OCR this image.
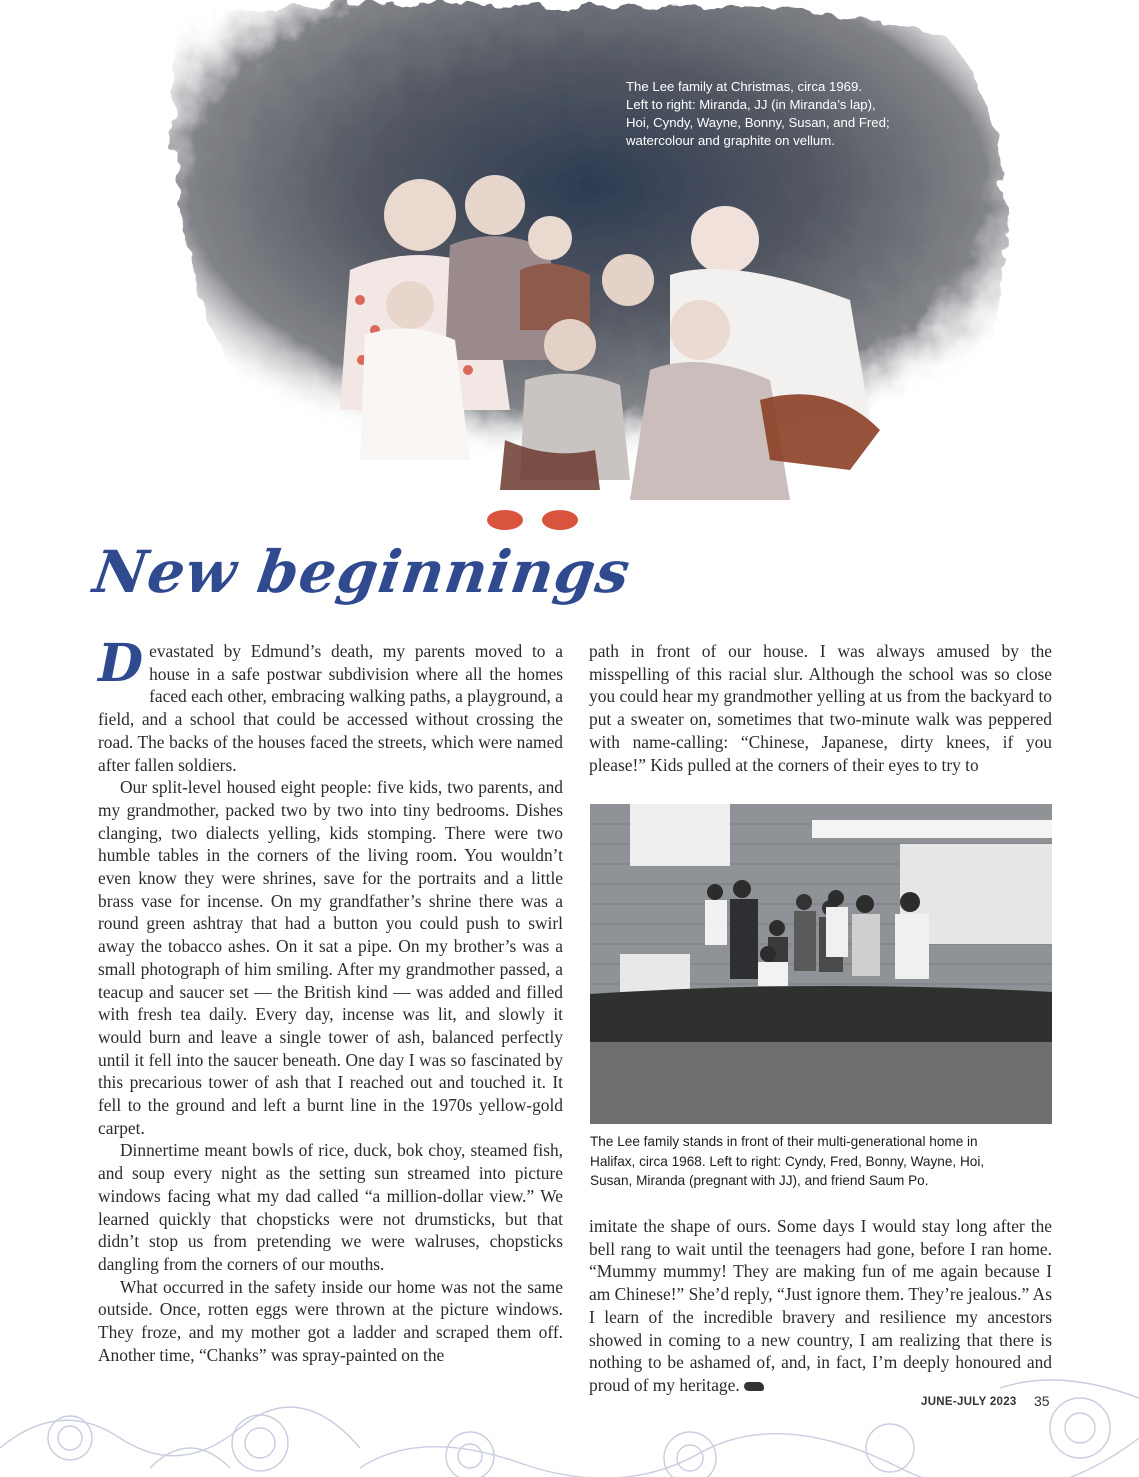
The Lee family at Christmas, circa 1969.
Left to right: Miranda, JJ (in Miranda’s lap),
Hoi, Cyndy, Wayne, Bonny, Susan, and Fred;
watercolour and graphite on vellum.

New beginnings

Devastated by Edmund’s death, my parents moved to a house in a safe postwar subdivision where all the homes faced each other, embracing walking paths, a playground, a field, and a school that could be accessed without crossing the road. The backs of the houses faced the streets, which were named after fallen soldiers.

Our split-level housed eight people: five kids, two parents, and my grandmother, packed two by two into tiny bedrooms. Dishes clanging, two dialects yelling, kids stomping. There were two humble tables in the corners of the living room. You wouldn’t even know they were shrines, save for the portraits and a little brass vase for incense. On my grandfather’s shrine there was a round green ashtray that had a button you could push to swirl away the tobacco ashes. On it sat a pipe. On my brother’s was a small photograph of him smiling. After my grandmother passed, a teacup and saucer set — the British kind — was added and filled with fresh tea daily. Every day, incense was lit, and slowly it would burn and leave a single tower of ash, balanced perfectly until it fell into the saucer beneath. One day I was so fascinated by this precarious tower of ash that I reached out and touched it. It fell to the ground and left a burnt line in the 1970s yellow-gold carpet.

Dinnertime meant bowls of rice, duck, bok choy, steamed fish, and soup every night as the setting sun streamed into picture windows facing what my dad called “a million-dollar view.” We learned quickly that chopsticks were not drumsticks, but that didn’t stop us from pretending we were walruses, chopsticks dangling from the corners of our mouths.

What occurred in the safety inside our home was not the same outside. Once, rotten eggs were thrown at the picture windows. They froze, and my mother got a ladder and scraped them off. Another time, “Chanks” was spray-painted on the

path in front of our house. I was always amused by the misspelling of this racial slur. Although the school was so close you could hear my grandmother yelling at us from the backyard to put a sweater on, sometimes that two-minute walk was peppered with name-calling: “Chinese, Japanese, dirty knees, if you please!” Kids pulled at the corners of their eyes to try to

The Lee family stands in front of their multi-generational home in
Halifax, circa 1968. Left to right: Cyndy, Fred, Bonny, Wayne, Hoi,
Susan, Miranda (pregnant with JJ), and friend Saum Po.

imitate the shape of ours. Some days I would stay long after the bell rang to wait until the teenagers had gone, before I ran home. “Mummy mummy! They are making fun of me again because I am Chinese!” She’d reply, “Just ignore them. They’re jealous.” As I learn of the incredible bravery and resilience my ancestors showed in coming to a new country, I am realizing that there is nothing to be ashamed of, and, in fact, I’m deeply honoured and proud of my heritage.

JUNE-JULY 2023 35
